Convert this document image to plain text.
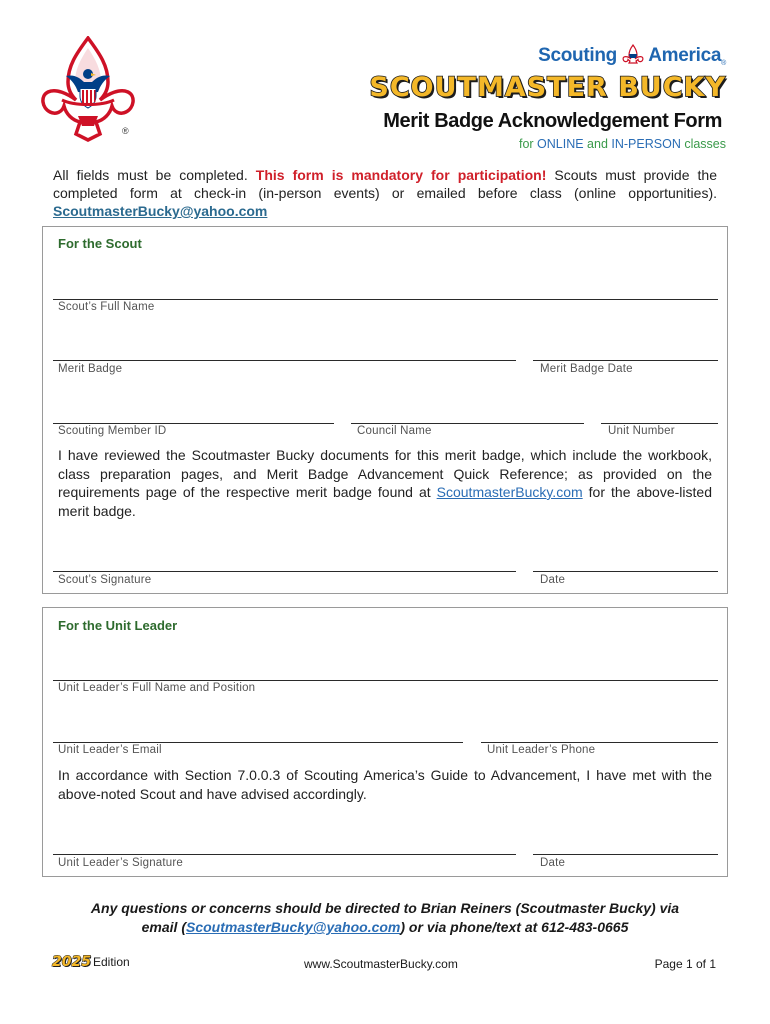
®
Scouting America®
SCOUTMASTER BUCKY
Merit Badge Acknowledgement Form
for ONLINE and IN-PERSON classes
All fields must be completed. This form is mandatory for participation! Scouts must provide the completed form at check-in (in-person events) or emailed before class (online opportunities). ScoutmasterBucky@yahoo.com
For the Scout
Scout’s Full Name
Merit Badge	Merit Badge Date
Scouting Member ID	Council Name	Unit Number
I have reviewed the Scoutmaster Bucky documents for this merit badge, which include the workbook, class preparation pages, and Merit Badge Advancement Quick Reference; as provided on the requirements page of the respective merit badge found at ScoutmasterBucky.com for the above-listed merit badge.
Scout’s Signature	Date
For the Unit Leader
Unit Leader’s Full Name and Position
Unit Leader’s Email	Unit Leader’s Phone
In accordance with Section 7.0.0.3 of Scouting America’s Guide to Advancement, I have met with the above-noted Scout and have advised accordingly.
Unit Leader’s Signature	Date
Any questions or concerns should be directed to Brian Reiners (Scoutmaster Bucky) via
email (ScoutmasterBucky@yahoo.com) or via phone/text at 612-483-0665
2025 Edition	www.ScoutmasterBucky.com	Page 1 of 1
